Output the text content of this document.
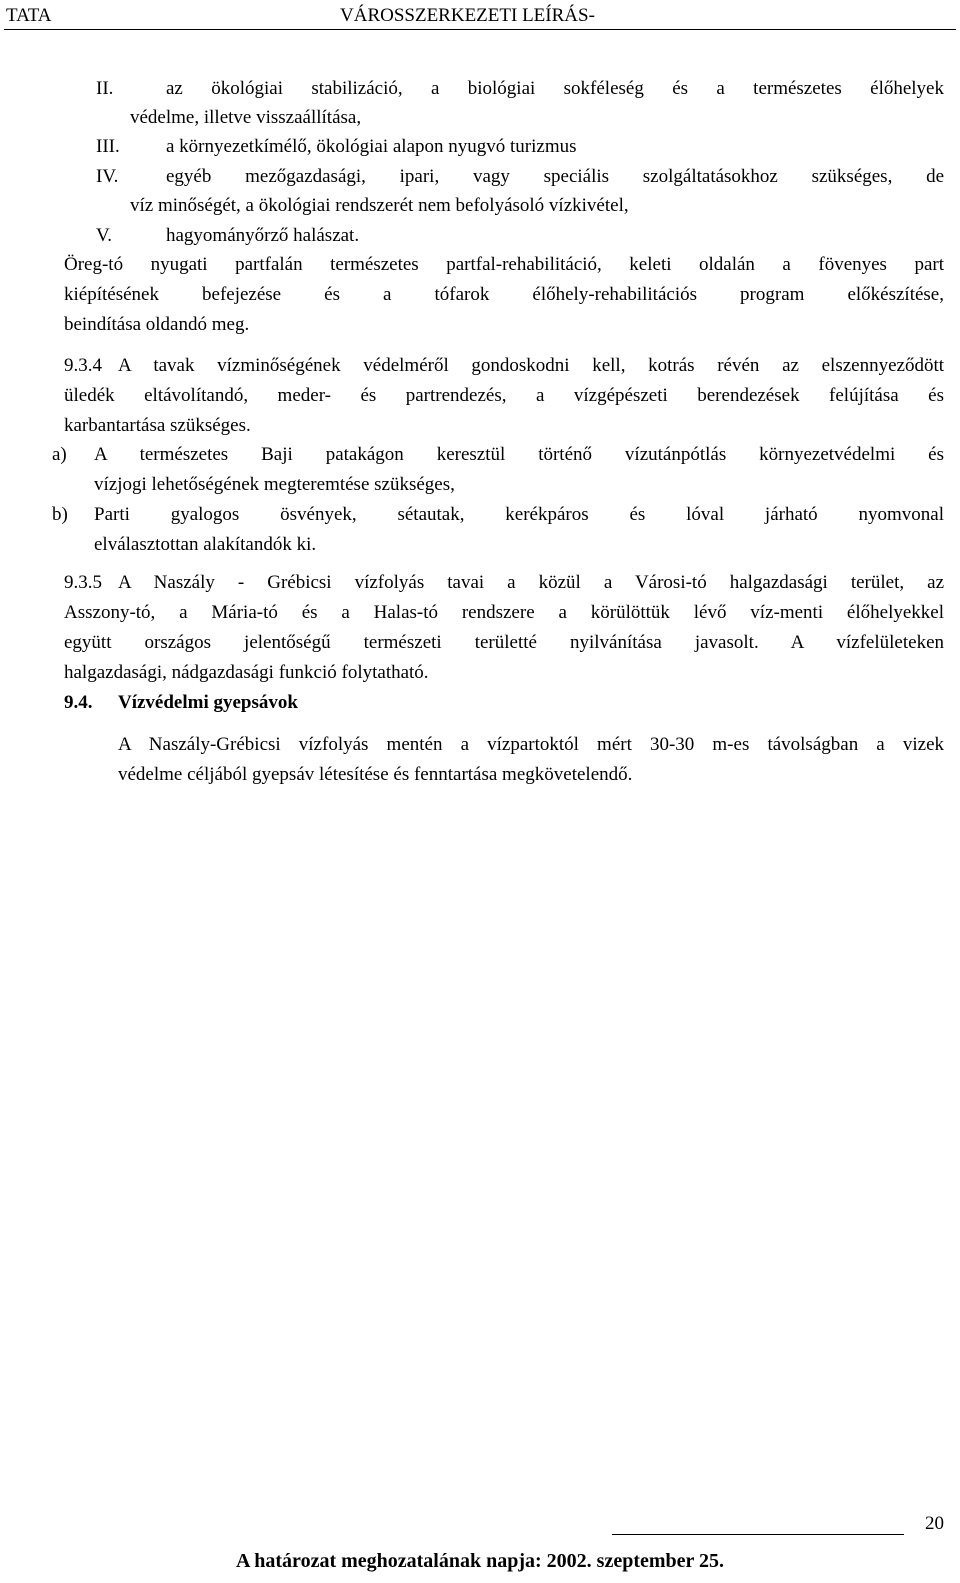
TATA	VÁROSSZERKEZETI LEÍRÁS-
II.	az ökológiai stabilizáció, a biológiai sokféleség és a természetes élőhelyek
védelme, illetve visszaállítása,
III. a környezetkímélő, ökológiai alapon nyugvó turizmus
IV.	egyéb mezőgazdasági, ipari, vagy speciális szolgáltatásokhoz szükséges, de
víz minőségét, a ökológiai rendszerét nem befolyásoló vízkivétel,
V.	hagyományőrző halászat.
Öreg-tó nyugati partfalán természetes partfal-rehabilitáció, keleti oldalán a fövenyes part
kiépítésének befejezése és a tófarok élőhely-rehabilitációs program előkészítése,
beindítása oldandó meg.
9.3.4 A tavak vízminőségének védelméről gondoskodni kell, kotrás révén az elszennyeződött
üledék eltávolítandó, meder- és partrendezés, a vízgépészeti berendezések felújítása és
karbantartása szükséges.
a) A természetes Baji patakágon keresztül történő vízutánpótlás környezetvédelmi és
vízjogi lehetőségének megteremtése szükséges,
b) Parti gyalogos ösvények, sétautak, kerékpáros és lóval járható nyomvonal
elválasztottan alakítandók ki.
9.3.5 A Naszály - Grébicsi vízfolyás tavai a közül a Városi-tó halgazdasági terület, az
Asszony-tó, a Mária-tó és a Halas-tó rendszere a körülöttük lévő víz-menti élőhelyekkel
együtt országos jelentőségű természeti területté nyilvánítása javasolt. A vízfelületeken
halgazdasági, nádgazdasági funkció folytatható.
9.4. Vízvédelmi gyepsávok
A Naszály-Grébicsi vízfolyás mentén a vízpartoktól mért 30-30 m-es távolságban a vizek
védelme céljából gyepsáv létesítése és fenntartása megkövetelendő.
20
A határozat meghozatalának napja: 2002. szeptember 25.
